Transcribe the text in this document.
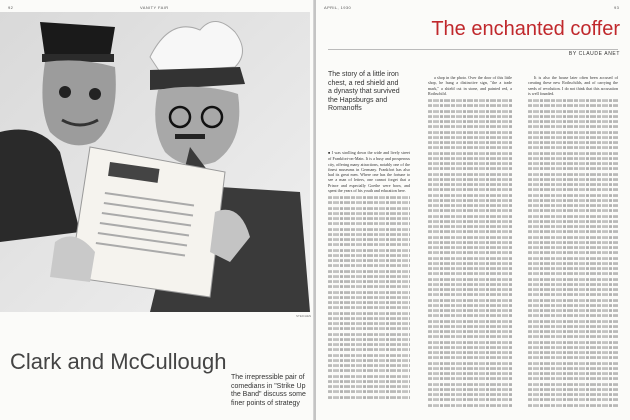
92	VANITY FAIR
STEICHEN
Clark and McCullough
The irrepressible pair of comedians in "Strike Up the Band" discuss some finer points of strategy
APRIL, 1930	93
The enchanted coffer
BY CLAUDE ANET
The story of a little iron chest, a red shield and a dynasty that survived the Hapsburgs and Romanoffs

■ I was strolling down the wide and lively street of Frankfort-on-Main. It is a busy and prosperous city, offering many attractions, notably one of the finest museums in Germany. Frankfort has also had its great men. Where one has the fortune to see a man of letters, one cannot forget that a Prince and especially Goethe were born, and spent the years of his youth and education here.

a shop in the photo. Over the door of this little shop, he hung a distinctive sign, "the a trade mark," a shield cut in stone, and painted red, a Rothschild.

It is also the house later often been accused of creating these new Rothschilds, and of carrying the seeds of revolution. I do not think that this accusation is well founded.
